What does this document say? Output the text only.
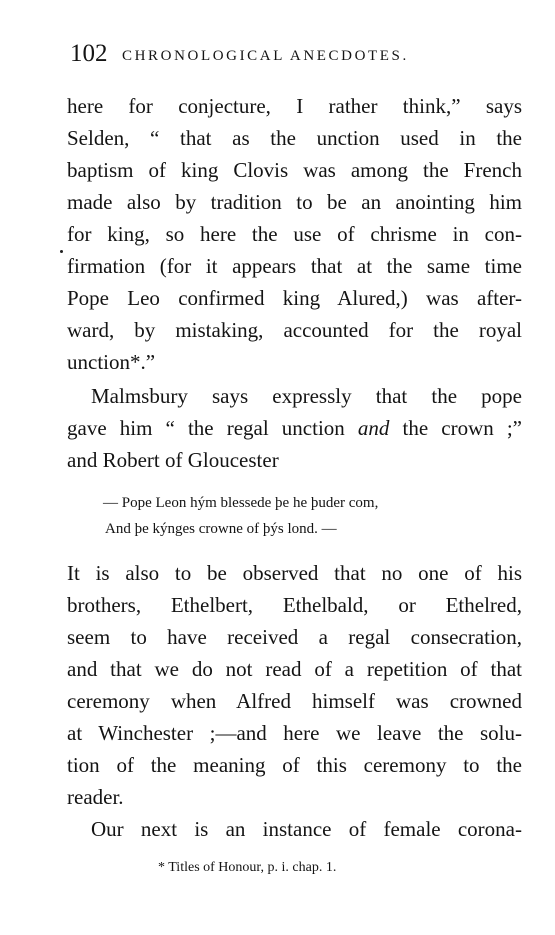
102 CHRONOLOGICAL ANECDOTES.
here for conjecture, I rather think,” says
Selden, “ that as the unction used in the
baptism of king Clovis was among the French
made also by tradition to be an anointing him
for king, so here the use of chrisme in con-
firmation (for it appears that at the same time
Pope Leo confirmed king Alured,) was after-
ward, by mistaking, accounted for the royal
unction*.”
Malmsbury says expressly that the pope
gave him “ the regal unction and the crown ;”
and Robert of Gloucester
— Pope Leon hým blessede þe he þuder com,
And þe kýnges crowne of þýs lond. —
It is also to be observed that no one of his
brothers, Ethelbert, Ethelbald, or Ethelred,
seem to have received a regal consecration,
and that we do not read of a repetition of that
ceremony when Alfred himself was crowned
at Winchester ;—and here we leave the solu-
tion of the meaning of this ceremony to the
reader.
Our next is an instance of female corona-
* Titles of Honour, p. i. chap. 1.
